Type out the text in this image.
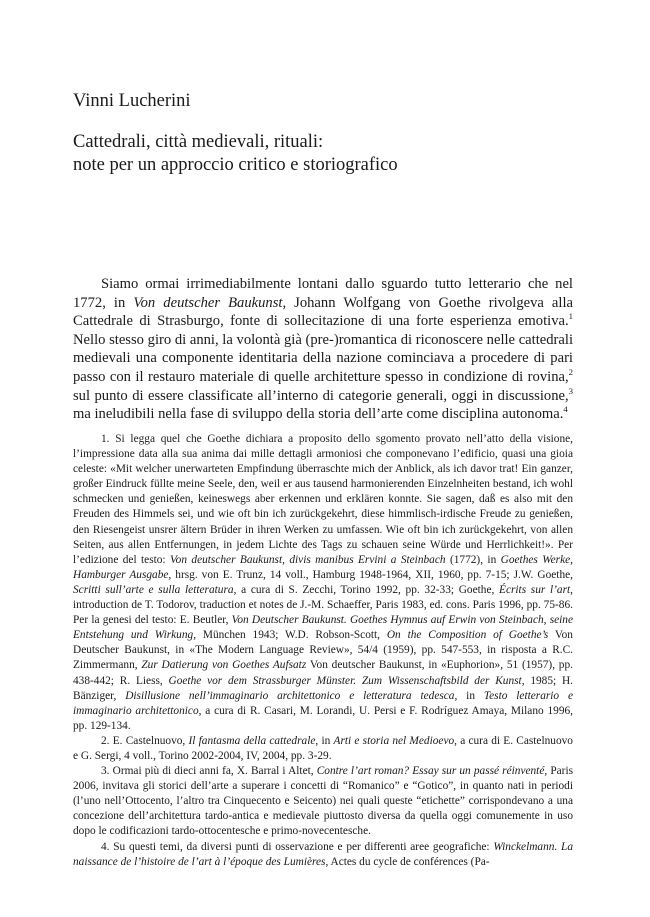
Vinni Lucherini
Cattedrali, città medievali, rituali:
note per un approccio critico e storiografico

Siamo ormai irrimediabilmente lontani dallo sguardo tutto letterario che nel 1772, in Von deutscher Baukunst, Johann Wolfgang von Goethe rivolgeva alla Cattedrale di Strasburgo, fonte di sollecitazione di una forte esperienza emotiva.$^1$ Nello stesso giro di anni, la volontà già (pre-)romantica di riconoscere nelle cattedrali medievali una componente identitaria della nazione cominciava a procedere di pari passo con il restauro materiale di quelle architetture spesso in condizione di rovina,$^2$ sul punto di essere classificate all’interno di categorie generali, oggi in discussione,$^3$ ma ineludibili nella fase di sviluppo della storia dell’arte come disciplina autonoma.$^4$

1. Si legga quel che Goethe dichiara a proposito dello sgomento provato nell’atto della visione, l’impressione data alla sua anima dai mille dettagli armoniosi che componevano l’edificio, quasi una gioia celeste: «Mit welcher unerwarteten Empfindung überraschte mich der Anblick, als ich davor trat! Ein ganzer, großer Eindruck füllte meine Seele, den, weil er aus tausend harmonierenden Einzelnheiten bestand, ich wohl schmecken und genießen, keineswegs aber erkennen und erklären konnte. Sie sagen, daß es also mit den Freuden des Himmels sei, und wie oft bin ich zurückgekehrt, diese himmlisch-irdische Freude zu genießen, den Riesengeist unsrer ältern Brüder in ihren Werken zu umfassen. Wie oft bin ich zurückgekehrt, von allen Seiten, aus allen Entfernungen, in jedem Lichte des Tags zu schauen seine Würde und Herrlichkeit!». Per l’edizione del testo: Von deutscher Baukunst, divis manibus Ervini a Steinbach (1772), in Goethes Werke, Hamburger Ausgabe, hrsg. von E. Trunz, 14 voll., Hamburg 1948-1964, XII, 1960, pp. 7-15; J.W. Goethe, Scritti sull’arte e sulla letteratura, a cura di S. Zecchi, Torino 1992, pp. 32-33; Goethe, Écrits sur l’art, introduction de T. Todorov, traduction et notes de J.-M. Schaeffer, Paris 1983, ed. cons. Paris 1996, pp. 75-86. Per la genesi del testo: E. Beutler, Von Deutscher Baukunst. Goethes Hymnus auf Erwin von Steinbach, seine Entstehung und Wirkung, München 1943; W.D. Robson-Scott, On the Composition of Goethe’s Von Deutscher Baukunst, in «The Modern Language Review», 54/4 (1959), pp. 547-553, in risposta a R.C. Zimmermann, Zur Datierung von Goethes Aufsatz Von deutscher Baukunst, in «Euphorion», 51 (1957), pp. 438-442; R. Liess, Goethe vor dem Strassburger Münster. Zum Wissenschaftsbild der Kunst, 1985; H. Bänziger, Disillusione nell’immaginario architettonico e letteratura tedesca, in Testo letterario e immaginario architettonico, a cura di R. Casari, M. Lorandi, U. Persi e F. Rodríguez Amaya, Milano 1996, pp. 129-134.

2. E. Castelnuovo, Il fantasma della cattedrale, in Arti e storia nel Medioevo, a cura di E. Castelnuovo e G. Sergi, 4 voll., Torino 2002-2004, IV, 2004, pp. 3-29.

3. Ormai più di dieci anni fa, X. Barral i Altet, Contre l’art roman? Essay sur un passé réinventé, Paris 2006, invitava gli storici dell’arte a superare i concetti di “Romanico” e “Gotico”, in quanto nati in periodi (l’uno nell’Ottocento, l’altro tra Cinquecento e Seicento) nei quali queste “etichette” corrispondevano a una concezione dell’architettura tardo-antica e medievale piuttosto diversa da quella oggi comunemente in uso dopo le codificazioni tardo-ottocentesche e primo-novecentesche.

4. Su questi temi, da diversi punti di osservazione e per differenti aree geografiche: Winckelmann. La naissance de l’histoire de l’art à l’époque des Lumières, Actes du cycle de conférences (Pa-
